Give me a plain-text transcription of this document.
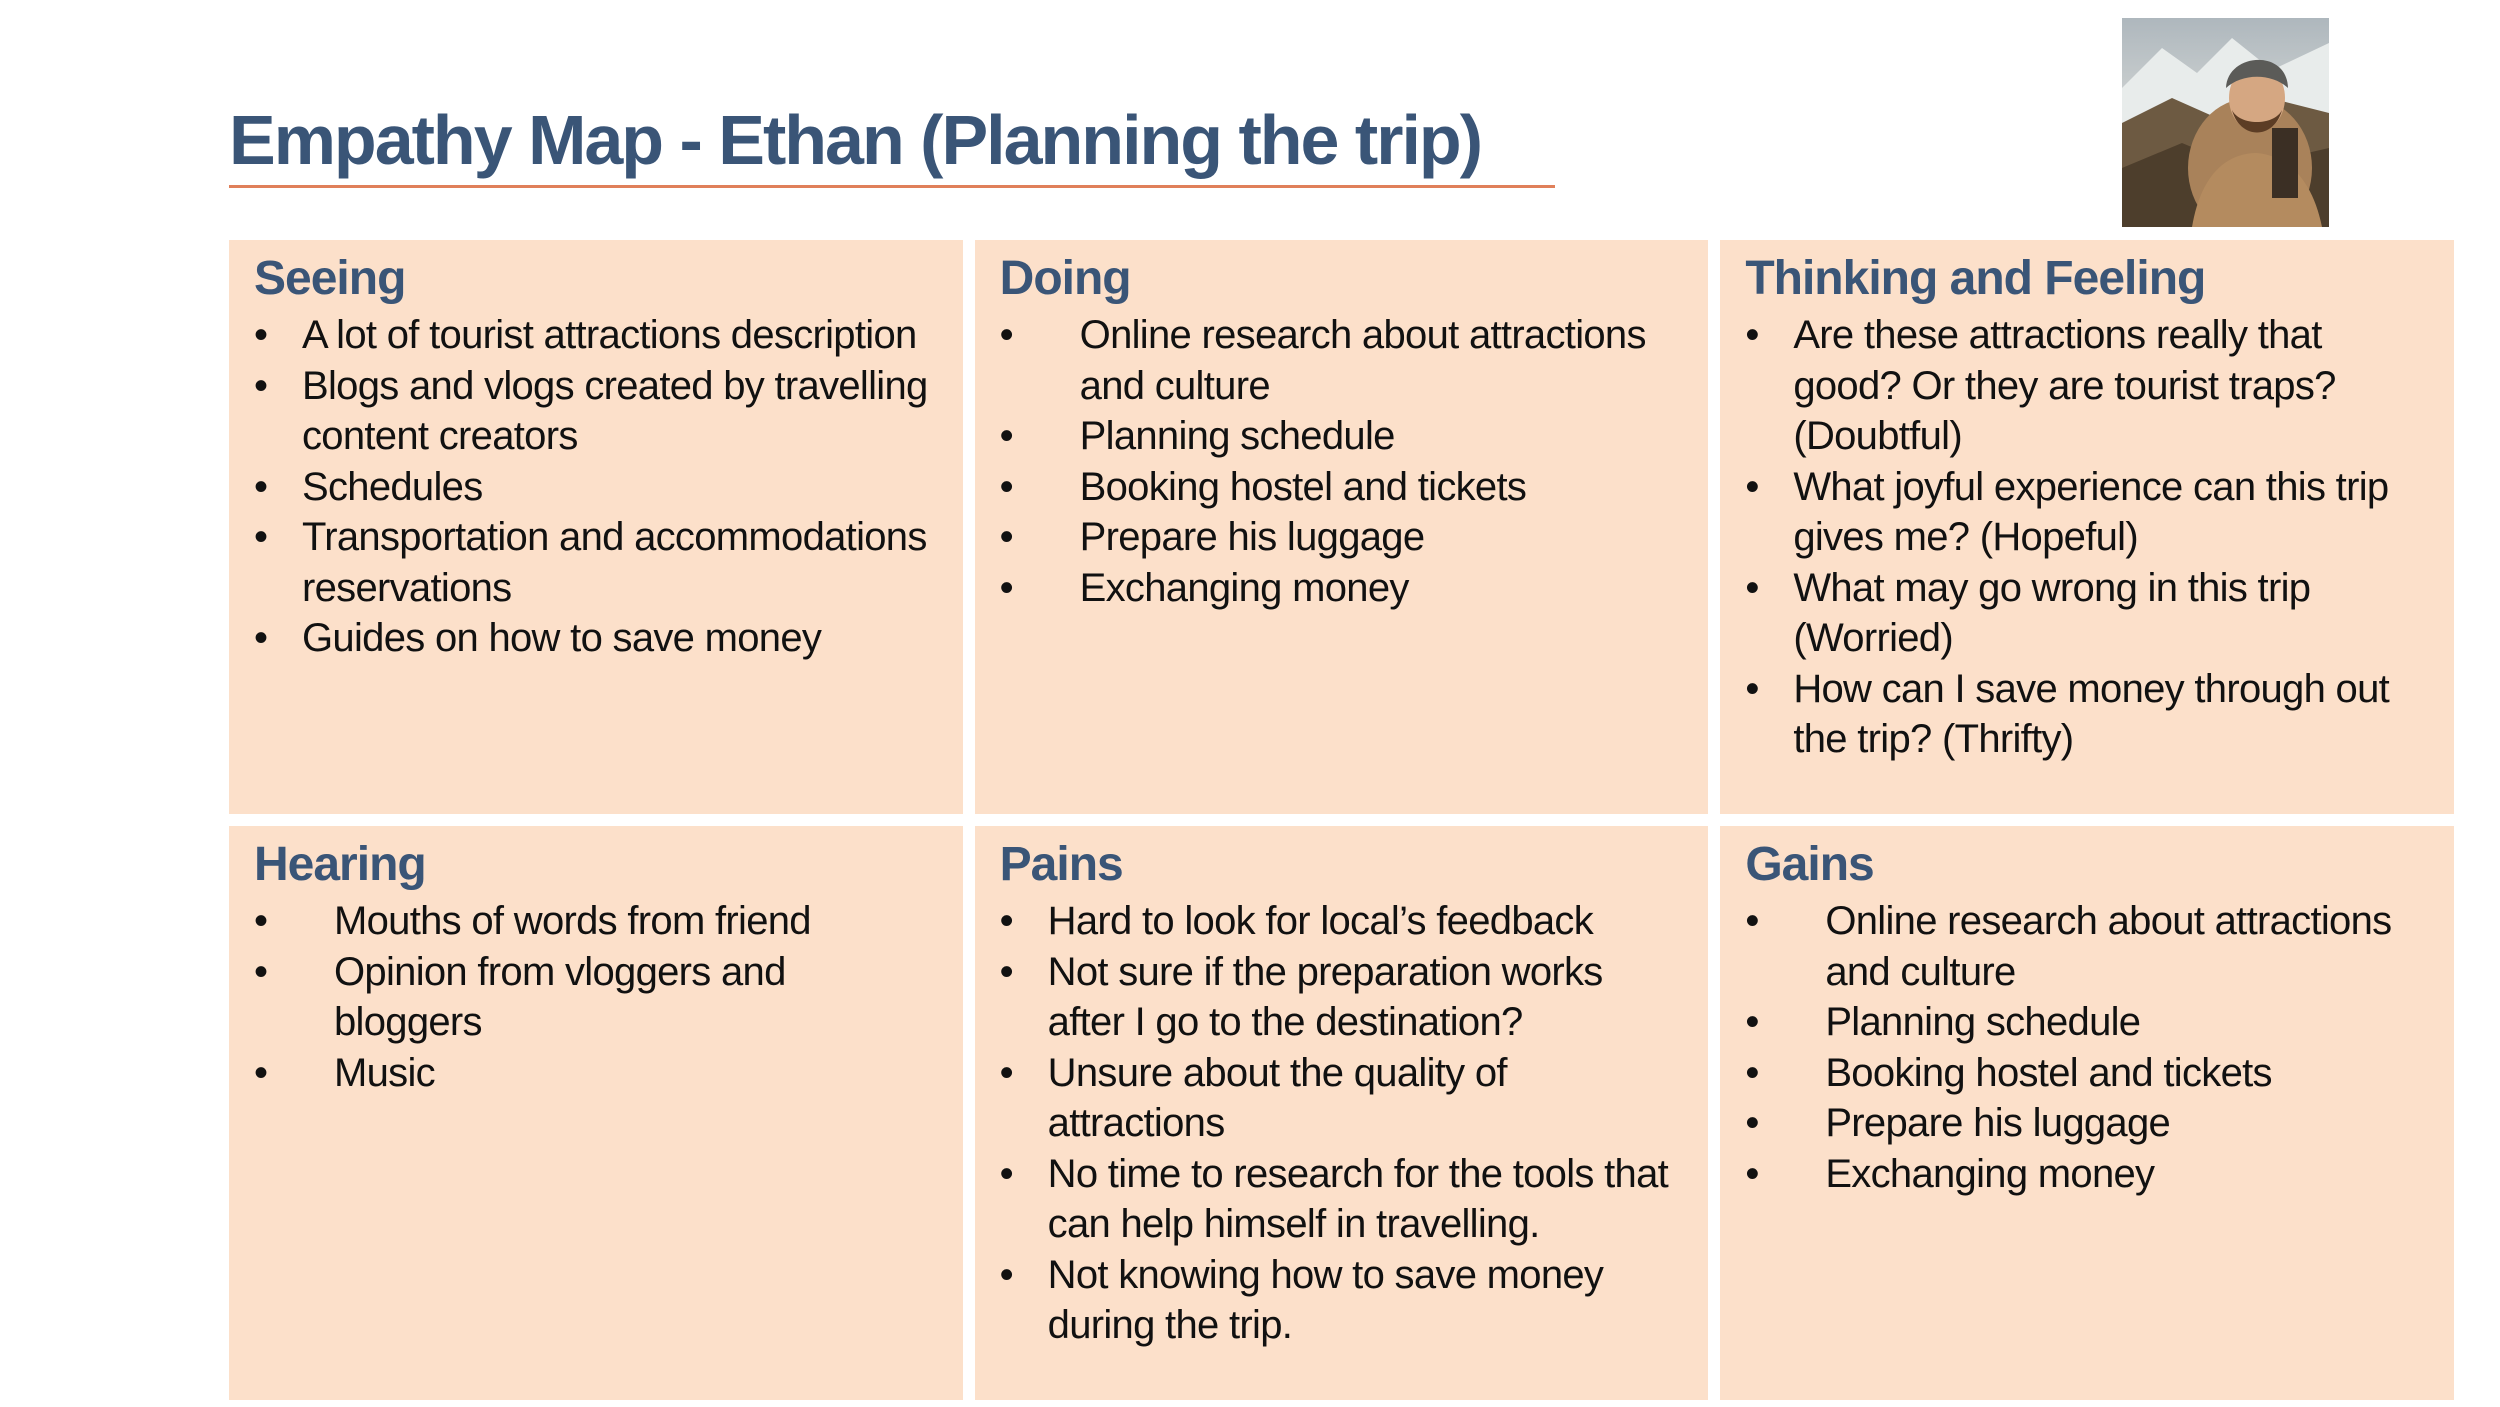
Empathy Map - Ethan (Planning the trip)
Seeing
• A lot of tourist attractions description
• Blogs and vlogs created by travelling content creators
• Schedules
• Transportation and accommodations reservations
• Guides on how to save money
Doing
• Online research about attractions and culture
• Planning schedule
• Booking hostel and tickets
• Prepare his luggage
• Exchanging money
Thinking and Feeling
• Are these attractions really that good? Or they are tourist traps? (Doubtful)
• What joyful experience can this trip gives me? (Hopeful)
• What may go wrong in this trip (Worried)
• How can I save money through out the trip? (Thrifty)
Hearing
• Mouths of words from friend
• Opinion from vloggers and bloggers
• Music
Pains
• Hard to look for local’s feedback
• Not sure if the preparation works after I go to the destination?
• Unsure about the quality of attractions
• No time to research for the tools that can help himself in travelling.
• Not knowing how to save money during the trip.
Gains
• Online research about attractions and culture
• Planning schedule
• Booking hostel and tickets
• Prepare his luggage
• Exchanging money
